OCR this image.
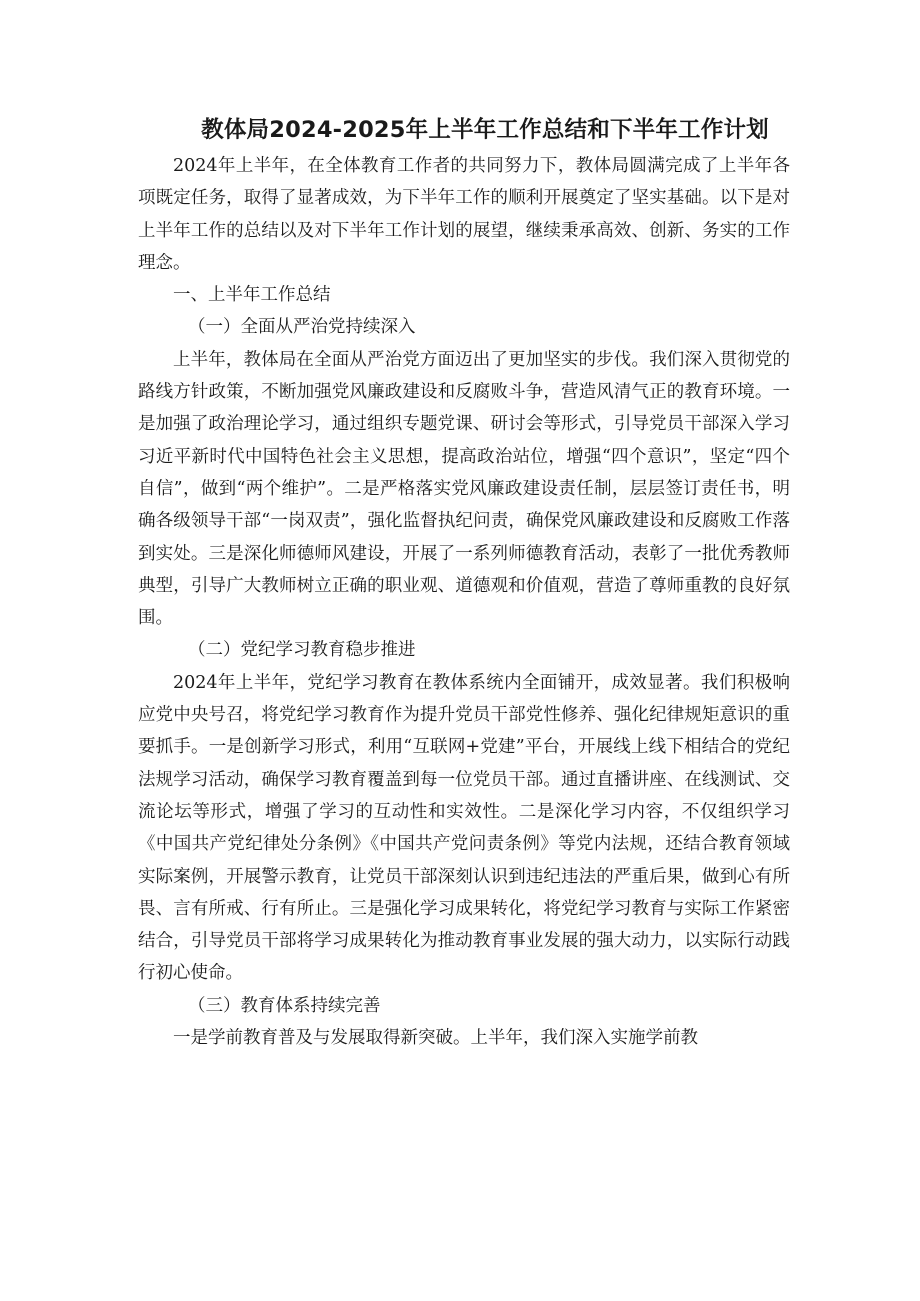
教体局2024-2025年上半年工作总结和下半年工作计划

2024年上半年，在全体教育工作者的共同努力下，教体局圆满完成了上半年各项既定任务，取得了显著成效，为下半年工作的顺利开展奠定了坚实基础。以下是对上半年工作的总结以及对下半年工作计划的展望，继续秉承高效、创新、务实的工作理念。

一、上半年工作总结

（一）全面从严治党持续深入

上半年，教体局在全面从严治党方面迈出了更加坚实的步伐。我们深入贯彻党的路线方针政策，不断加强党风廉政建设和反腐败斗争，营造风清气正的教育环境。一是加强了政治理论学习，通过组织专题党课、研讨会等形式，引导党员干部深入学习习近平新时代中国特色社会主义思想，提高政治站位，增强“四个意识”，坚定“四个自信”，做到“两个维护”。二是严格落实党风廉政建设责任制，层层签订责任书，明确各级领导干部“一岗双责”，强化监督执纪问责，确保党风廉政建设和反腐败工作落到实处。三是深化师德师风建设，开展了一系列师德教育活动，表彰了一批优秀教师典型，引导广大教师树立正确的职业观、道德观和价值观，营造了尊师重教的良好氛围。

（二）党纪学习教育稳步推进

2024年上半年，党纪学习教育在教体系统内全面铺开，成效显著。我们积极响应党中央号召，将党纪学习教育作为提升党员干部党性修养、强化纪律规矩意识的重要抓手。一是创新学习形式，利用“互联网+党建”平台，开展线上线下相结合的党纪法规学习活动，确保学习教育覆盖到每一位党员干部。通过直播讲座、在线测试、交流论坛等形式，增强了学习的互动性和实效性。二是深化学习内容，不仅组织学习《中国共产党纪律处分条例》《中国共产党问责条例》等党内法规，还结合教育领域实际案例，开展警示教育，让党员干部深刻认识到违纪违法的严重后果，做到心有所畏、言有所戒、行有所止。三是强化学习成果转化，将党纪学习教育与实际工作紧密结合，引导党员干部将学习成果转化为推动教育事业发展的强大动力，以实际行动践行初心使命。

（三）教育体系持续完善

一是学前教育普及与发展取得新突破。上半年，我们深入实施学前教
